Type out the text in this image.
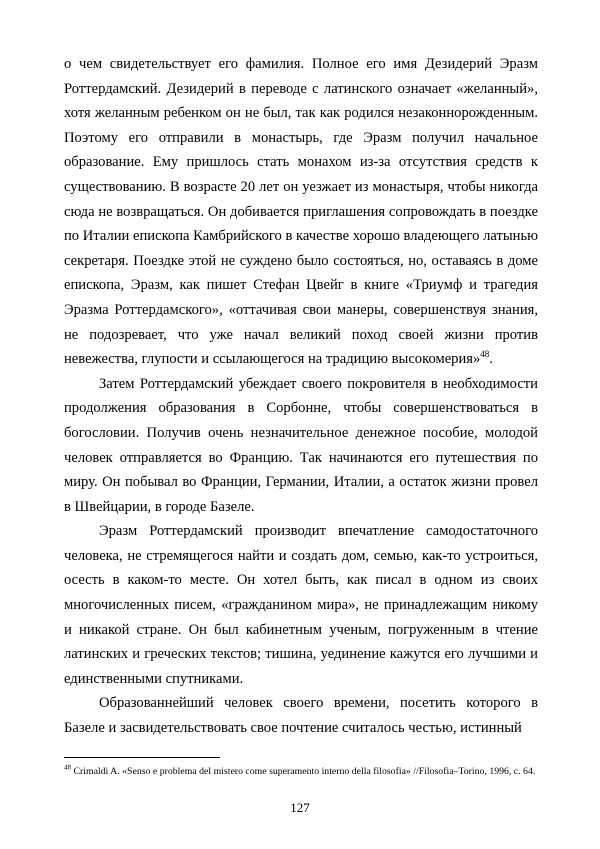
о чем свидетельствует его фамилия. Полное его имя Дезидерий Эразм Роттердамский. Дезидерий в переводе с латинского означает «желанный», хотя желанным ребенком он не был, так как родился незаконнорожденным. Поэтому его отправили в монастырь, где Эразм получил начальное образование. Ему пришлось стать монахом из-за отсутствия средств к существованию. В возрасте 20 лет он уезжает из монастыря, чтобы никогда сюда не возвращаться. Он добивается приглашения сопровождать в поездке по Италии епископа Камбрийского в качестве хорошо владеющего латынью секретаря. Поездке этой не суждено было состояться, но, оставаясь в доме епископа, Эразм, как пишет Стефан Цвейг в книге «Триумф и трагедия Эразма Роттердамского», «оттачивая свои манеры, совершенствуя знания, не подозревает, что уже начал великий поход своей жизни против невежества, глупости и ссылающегося на традицию высокомерия»$^{48}$.

Затем Роттердамский убеждает своего покровителя в необходимости продолжения образования в Сорбонне, чтобы совершенствоваться в богословии. Получив очень незначительное денежное пособие, молодой человек отправляется во Францию. Так начинаются его путешествия по миру. Он побывал во Франции, Германии, Италии, а остаток жизни провел в Швейцарии, в городе Базеле.

Эразм Роттердамский производит впечатление самодостаточного человека, не стремящегося найти и создать дом, семью, как-то устроиться, осесть в каком-то месте. Он хотел быть, как писал в одном из своих многочисленных писем, «гражданином мира», не принадлежащим никому и никакой стране. Он был кабинетным ученым, погруженным в чтение латинских и греческих текстов; тишина, уединение кажутся его лучшими и единственными спутниками.

Образованнейший человек своего времени, посетить которого в Базеле и засвидетельствовать свое почтение считалось честью, истинный

$^{48}$ Crimaldi A. «Senso e problema del mistero come superamento interno della filosofia» //Filosofia–Torino, 1996, c. 64.
127
